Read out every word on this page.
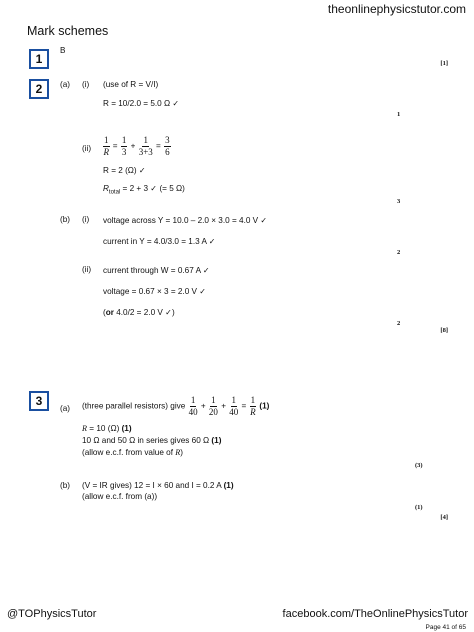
theonlinephysicstutor.com
Mark schemes
1
B
[1]
2	(a) (i) (use of R = V/I)
R = 10/2.0 = 5.0 Ω ✓
1
$(ii) \frac{1}{R} = \frac{1}{3} + \frac{1}{3+3} = \frac{3}{6}$
R = 2 (Ω) ✓
$R_{total} = 2 + 3$ ✓ (= 5 Ω)
3
(b) (i) voltage across Y = 10.0 – 2.0 × 3.0 = 4.0 V ✓
current in Y = 4.0/3.0 = 1.3 A ✓
2
(ii) current through W = 0.67 A ✓
voltage = 0.67 × 3 = 2.0 V ✓
(or 4.0/2 = 2.0 V ✓)
2
[8]
3
(a) (three parallel resistors) give $\frac{1}{40} + \frac{1}{20} + \frac{1}{40} = \frac{1}{R} (1)$
R = 10 (Ω) (1)
10 Ω and 50 Ω in series gives 60 Ω (1)
(allow e.c.f. from value of R)
(3)
(b) (V = IR gives) 12 = I × 60 and I = 0.2 A (1)
(allow e.c.f. from (a))
(1)
[4]
@TOPhysicsTutor	facebook.com/TheOnlinePhysicsTutor
Page 41 of 65
